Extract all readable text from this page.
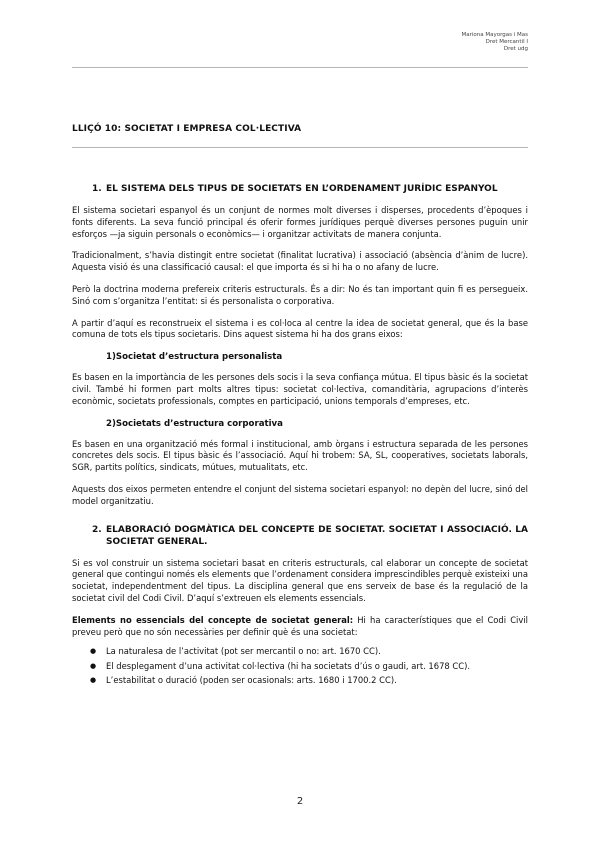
Mariona Mayorgas i Mas
Dret Mercantil I
Dret udg
LLIÇÓ 10: SOCIETAT I EMPRESA COL·LECTIVA
1. EL SISTEMA DELS TIPUS DE SOCIETATS EN L’ORDENAMENT JURÍDIC ESPANYOL

El sistema societari espanyol és un conjunt de normes molt diverses i disperses, procedents d’èpoques i fonts diferents. La seva funció principal és oferir formes jurídiques perquè diverses persones puguin unir esforços —ja siguin personals o econòmics— i organitzar activitats de manera conjunta.

Tradicionalment, s’havia distingit entre societat (finalitat lucrativa) i associació (absència d’ànim de lucre). Aquesta visió és una classificació causal: el que importa és si hi ha o no afany de lucre.

Però la doctrina moderna prefereix criteris estructurals. És a dir: No és tan important quin fi es persegueix. Sinó com s’organitza l’entitat: si és personalista o corporativa.

A partir d’aquí es reconstrueix el sistema i es col·loca al centre la idea de societat general, que és la base comuna de tots els tipus societaris. Dins aquest sistema hi ha dos grans eixos:

1)Societat d’estructura personalista

Es basen en la importància de les persones dels socis i la seva confiança mútua. El tipus bàsic és la societat civil. També hi formen part molts altres tipus: societat col·lectiva, comanditària, agrupacions d’interès econòmic, societats professionals, comptes en participació, unions temporals d’empreses, etc.

2)Societats d’estructura corporativa

Es basen en una organització més formal i institucional, amb òrgans i estructura separada de les persones concretes dels socis. El tipus bàsic és l’associació. Aquí hi trobem: SA, SL, cooperatives, societats laborals, SGR, partits polítics, sindicats, mútues, mutualitats, etc.

Aquests dos eixos permeten entendre el conjunt del sistema societari espanyol: no depèn del lucre, sinó del model organitzatiu.

2. ELABORACIÓ DOGMÀTICA DEL CONCEPTE DE SOCIETAT. SOCIETAT I ASSOCIACIÓ. LA SOCIETAT GENERAL.

Si es vol construir un sistema societari basat en criteris estructurals, cal elaborar un concepte de societat general que contingui només els elements que l’ordenament considera imprescindibles perquè existeixi una societat, independentment del tipus. La disciplina general que ens serveix de base és la regulació de la societat civil del Codi Civil. D’aquí s’extreuen els elements essencials.

Elements no essencials del concepte de societat general: Hi ha característiques que el Codi Civil preveu però que no són necessàries per definir què és una societat:

●	La naturalesa de l’activitat (pot ser mercantil o no: art. 1670 CC).
●	El desplegament d’una activitat col·lectiva (hi ha societats d’ús o gaudi, art. 1678 CC).
●	L’estabilitat o duració (poden ser ocasionals: arts. 1680 i 1700.2 CC).
2
